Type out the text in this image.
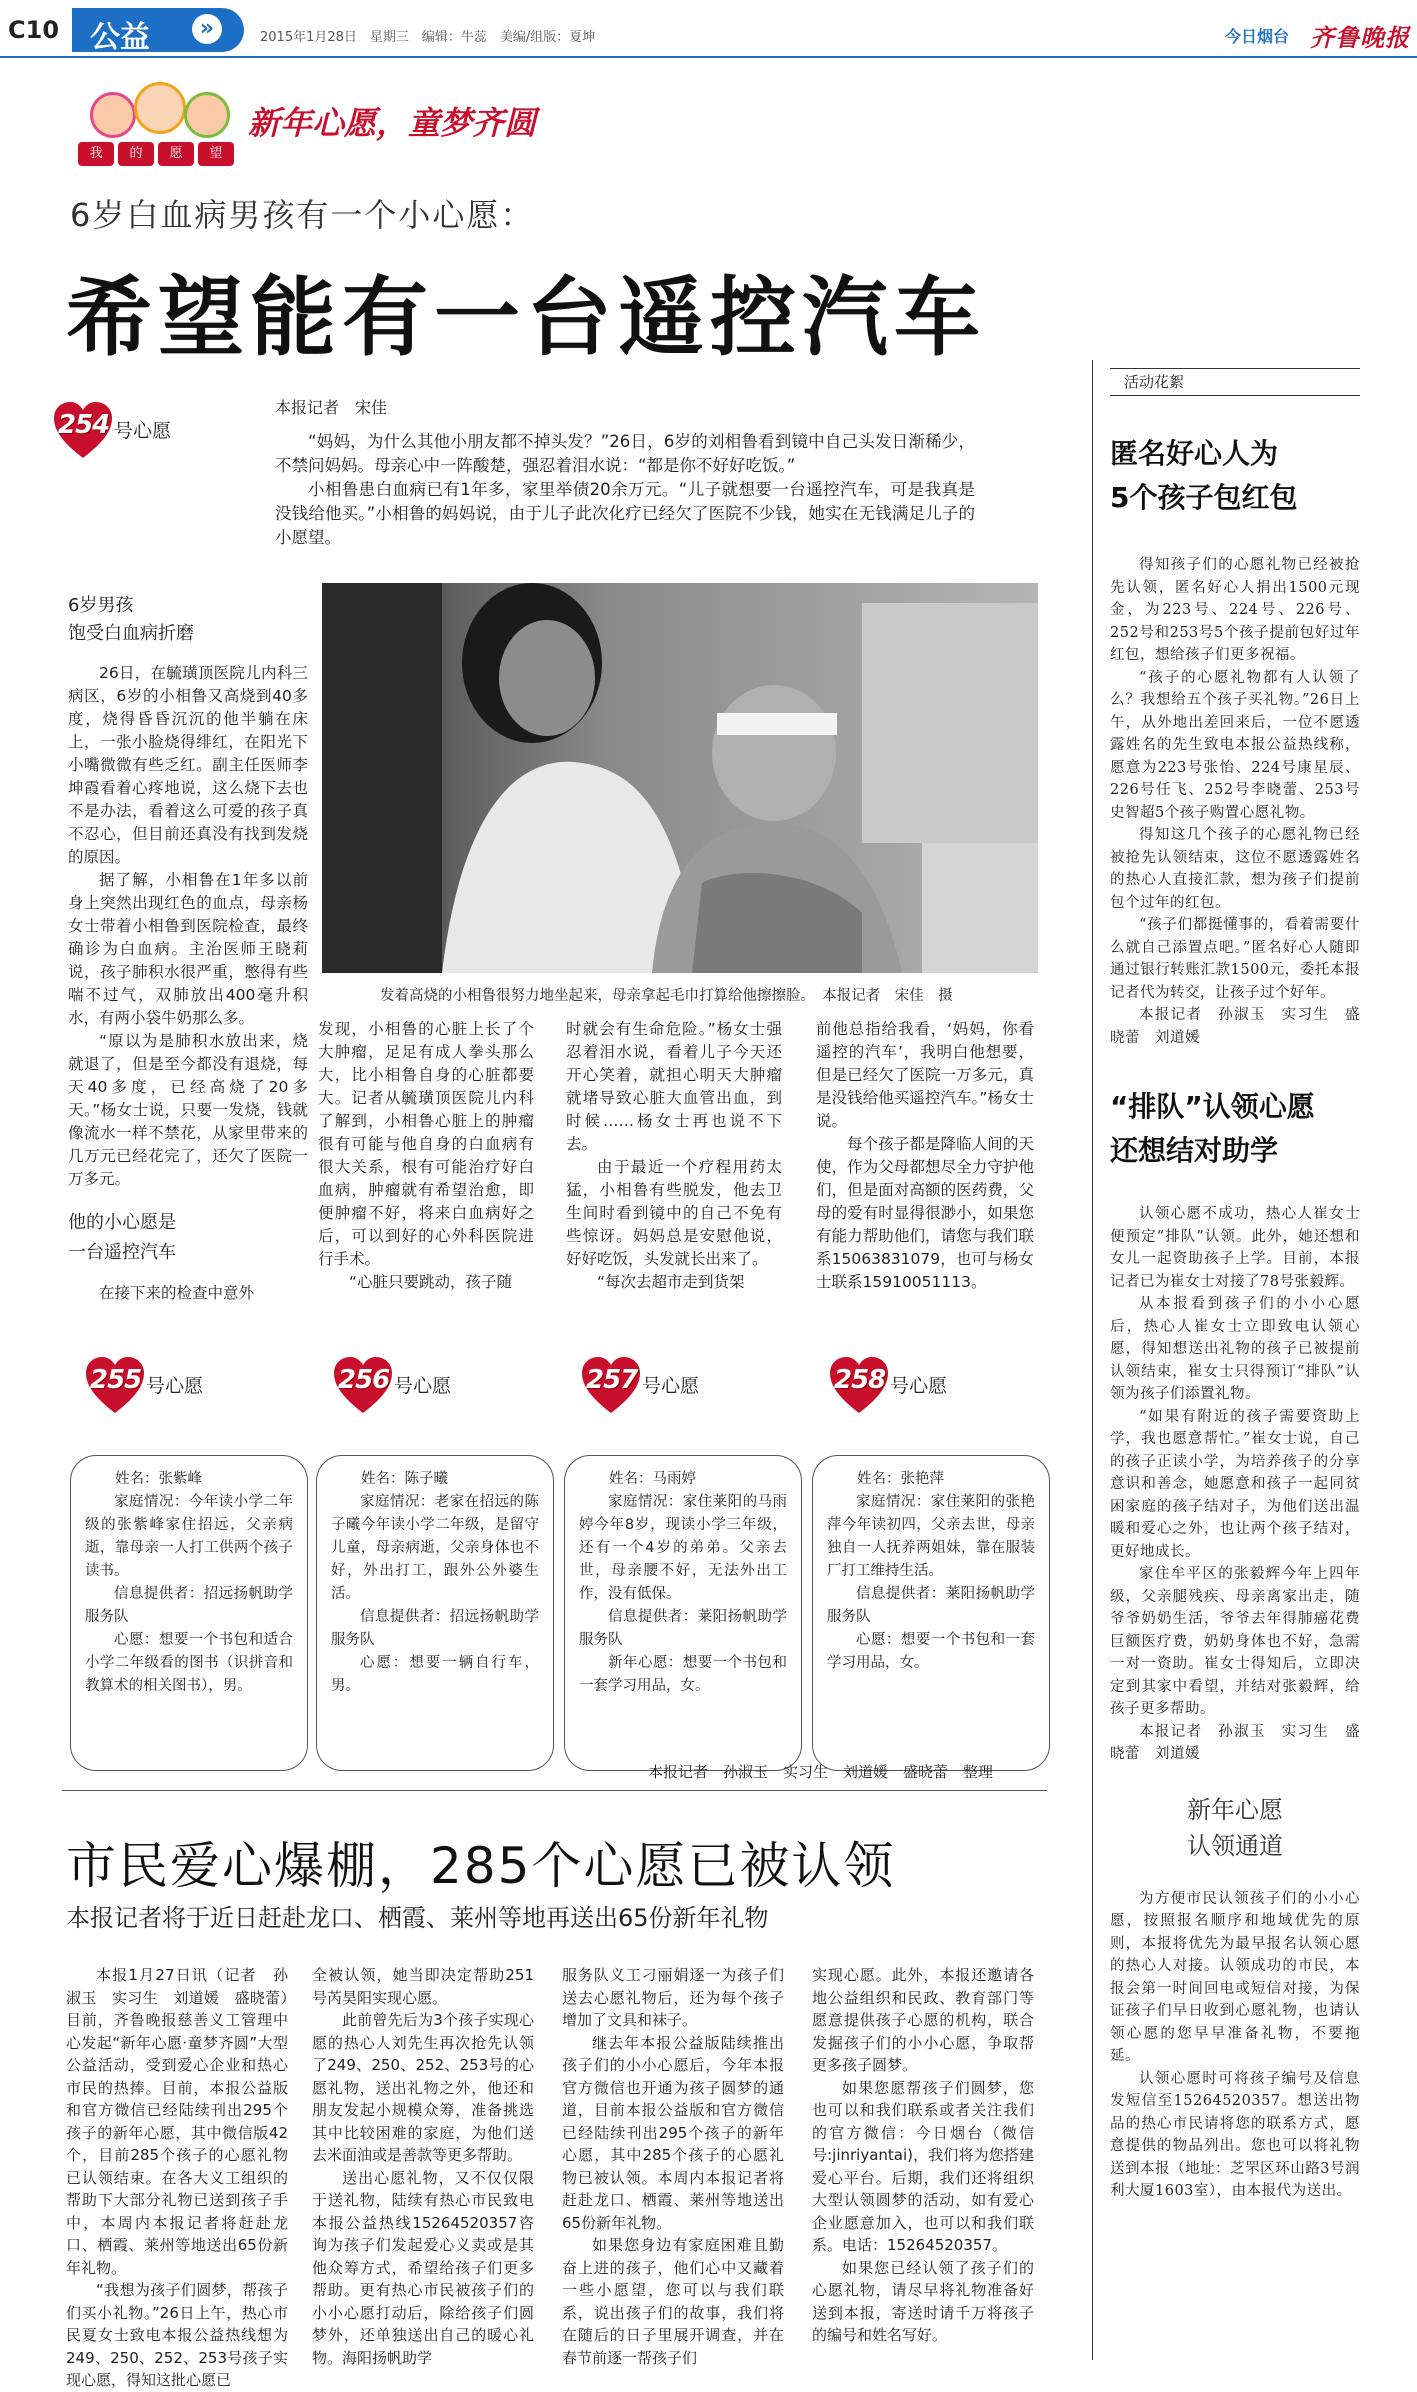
C10 公益	»	2015年1月28日　星期三　编辑：牛蕊　美编/组版：夏坤	今日烟台 齐鲁晚报
我	的	愿	望
新年心愿，童梦齐圆
6岁白血病男孩有一个小心愿：
希望能有一台遥控汽车
本报记者　宋佳
254 号心愿	“妈妈，为什么其他小朋友都不掉头发？”26日，6岁的刘相鲁看到镜中自己头发日渐稀少，不禁问妈妈。母亲心中一阵酸楚，强忍着泪水说：“都是你不好好吃饭。”

小相鲁患白血病已有1年多，家里举债20余万元。“儿子就想要一台遥控汽车，可是我真是没钱给他买。”小相鲁的妈妈说，由于儿子此次化疗已经欠了医院不少钱，她实在无钱满足儿子的小愿望。

6岁男孩
饱受白血病折磨

26日，在毓璜顶医院儿内科三病区，6岁的小相鲁又高烧到40多度，烧得昏昏沉沉的他半躺在床上，一张小脸烧得绯红，在阳光下小嘴微微有些乏红。副主任医师李坤霞看着心疼地说，这么烧下去也不是办法，看着这么可爱的孩子真不忍心，但目前还真没有找到发烧的原因。

据了解，小相鲁在1年多以前身上突然出现红色的血点，母亲杨女士带着小相鲁到医院检查，最终确诊为白血病。主治医师王晓莉说，孩子肺积水很严重，憋得有些喘不过气，双肺放出400毫升积水，有两小袋牛奶那么多。

“原以为是肺积水放出来，烧就退了，但是至今都没有退烧，每天40多度，已经高烧了20多天。”杨女士说，只要一发烧，钱就像流水一样不禁花，从家里带来的几万元已经花完了，还欠了医院一万多元。

他的小心愿是
一台遥控汽车

在接下来的检查中意外

发着高烧的小相鲁很努力地坐起来，母亲拿起毛巾打算给他擦擦脸。　本报记者　宋佳　摄

发现，小相鲁的心脏上长了个大肿瘤，足足有成人拳头那么大，比小相鲁自身的心脏都要大。记者从毓璜顶医院儿内科了解到，小相鲁心脏上的肿瘤很有可能与他自身的白血病有很大关系，根有可能治疗好白血病，肿瘤就有希望治愈，即便肿瘤不好，将来白血病好之后，可以到好的心外科医院进行手术。

“心脏只要跳动，孩子随

时就会有生命危险。”杨女士强忍着泪水说，看着儿子今天还开心笑着，就担心明天大肿瘤就堵导致心脏大血管出血，到时候……杨女士再也说不下去。

由于最近一个疗程用药太猛，小相鲁有些脱发，他去卫生间时看到镜中的自己不免有些惊讶。妈妈总是安慰他说，好好吃饭，头发就长出来了。

“每次去超市走到货架

前他总指给我看，‘妈妈，你看遥控的汽车’，我明白他想要，但是已经欠了医院一万多元，真是没钱给他买遥控汽车。”杨女士说。

每个孩子都是降临人间的天使，作为父母都想尽全力守护他们，但是面对高额的医药费，父母的爱有时显得很渺小，如果您有能力帮助他们，请您与我们联系15063831079，也可与杨女士联系15910051113。

255 号心愿
姓名：张紫峰
家庭情况：今年读小学二年级的张紫峰家住招远，父亲病逝，靠母亲一人打工供两个孩子读书。
信息提供者：招远扬帆助学服务队
心愿：想要一个书包和适合小学二年级看的图书（识拼音和教算术的相关图书），男。
256 号心愿
姓名：陈子曦
家庭情况：老家在招远的陈子曦今年读小学二年级，是留守儿童，母亲病逝，父亲身体也不好，外出打工，跟外公外婆生活。
信息提供者：招远扬帆助学服务队
心愿：想要一辆自行车，男。
257 号心愿
姓名：马雨婷
家庭情况：家住莱阳的马雨婷今年8岁，现读小学三年级，还有一个4岁的弟弟。父亲去世，母亲腰不好，无法外出工作，没有低保。
信息提供者：莱阳扬帆助学服务队
新年心愿：想要一个书包和一套学习用品，女。
258 号心愿
姓名：张艳萍
家庭情况：家住莱阳的张艳萍今年读初四，父亲去世，母亲独自一人抚养两姐妹，靠在服装厂打工维持生活。
信息提供者：莱阳扬帆助学服务队
心愿：想要一个书包和一套学习用品，女。
本报记者　孙淑玉　实习生　刘道媛　盛晓蕾　整理
市民爱心爆棚，285个心愿已被认领
本报记者将于近日赶赴龙口、栖霞、莱州等地再送出65份新年礼物

本报1月27日讯（记者　孙淑玉　实习生　刘道媛　盛晓蕾）　目前，齐鲁晚报慈善义工管理中心发起“新年心愿·童梦齐圆”大型公益活动，受到爱心企业和热心市民的热捧。目前，本报公益版和官方微信已经陆续刊出295个孩子的新年心愿，其中微信版42个，目前285个孩子的心愿礼物已认领结束。在各大义工组织的帮助下大部分礼物已送到孩子手中，本周内本报记者将赶赴龙口、栖霞、莱州等地送出65份新年礼物。

“我想为孩子们圆梦，帮孩子们买小礼物。”26日上午，热心市民夏女士致电本报公益热线想为249、250、252、253号孩子实现心愿，得知这批心愿已

全被认领，她当即决定帮助251号芮昊阳实现心愿。

此前曾先后为3个孩子实现心愿的热心人刘先生再次抢先认领了249、250、252、253号的心愿礼物，送出礼物之外，他还和朋友发起小规模众筹，准备挑选其中比较困难的家庭，为他们送去米面油或是善款等更多帮助。

送出心愿礼物，又不仅仅限于送礼物，陆续有热心市民致电本报公益热线15264520357咨询为孩子们发起爱心义卖或是其他众筹方式，希望给孩子们更多帮助。更有热心市民被孩子们的小小心愿打动后，除给孩子们圆梦外，还单独送出自己的暖心礼物。海阳扬帆助学

服务队义工刁丽娟逐一为孩子们送去心愿礼物后，还为每个孩子增加了文具和袜子。

继去年本报公益版陆续推出孩子们的小小心愿后，今年本报官方微信也开通为孩子圆梦的通道，目前本报公益版和官方微信已经陆续刊出295个孩子的新年心愿，其中285个孩子的心愿礼物已被认领。本周内本报记者将赶赴龙口、栖霞、莱州等地送出65份新年礼物。

如果您身边有家庭困难且勤奋上进的孩子，他们心中又藏着一些小愿望，您可以与我们联系，说出孩子们的故事，我们将在随后的日子里展开调查，并在春节前逐一帮孩子们

实现心愿。此外，本报还邀请各地公益组织和民政、教育部门等愿意提供孩子心愿的机构，联合发掘孩子们的小小心愿，争取帮更多孩子圆梦。

如果您愿帮孩子们圆梦，您也可以和我们联系或者关注我们的官方微信：今日烟台（微信号:jinriyantai)，我们将为您搭建爱心平台。后期，我们还将组织大型认领圆梦的活动，如有爱心企业愿意加入，也可以和我们联系。电话：15264520357。

如果您已经认领了孩子们的心愿礼物，请尽早将礼物准备好送到本报，寄送时请千万将孩子的编号和姓名写好。

活动花絮
匿名好心人为
5个孩子包红包

得知孩子们的心愿礼物已经被抢先认领，匿名好心人捐出1500元现金，为223号、224号、226号、252号和253号5个孩子提前包好过年红包，想给孩子们更多祝福。

“孩子的心愿礼物都有人认领了么？我想给五个孩子买礼物。”26日上午，从外地出差回来后，一位不愿透露姓名的先生致电本报公益热线称，愿意为223号张怡、224号康星辰、226号任飞、252号李晓蕾、253号史智超5个孩子购置心愿礼物。

得知这几个孩子的心愿礼物已经被抢先认领结束，这位不愿透露姓名的热心人直接汇款，想为孩子们提前包个过年的红包。

“孩子们都挺懂事的，看着需要什么就自己添置点吧。”匿名好心人随即通过银行转账汇款1500元，委托本报记者代为转交，让孩子过个好年。

本报记者　孙淑玉　实习生　盛晓蕾　刘道媛

“排队”认领心愿
还想结对助学

认领心愿不成功，热心人崔女士便预定“排队”认领。此外，她还想和女儿一起资助孩子上学。目前，本报记者已为崔女士对接了78号张毅辉。

从本报看到孩子们的小小心愿后，热心人崔女士立即致电认领心愿，得知想送出礼物的孩子已被提前认领结束，崔女士只得预订“排队”认领为孩子们添置礼物。

“如果有附近的孩子需要资助上学，我也愿意帮忙。”崔女士说，自己的孩子正读小学，为培养孩子的分享意识和善念，她愿意和孩子一起同贫困家庭的孩子结对子，为他们送出温暖和爱心之外，也让两个孩子结对，更好地成长。

家住牟平区的张毅辉今年上四年级，父亲腿残疾、母亲离家出走，随爷爷奶奶生活，爷爷去年得肺癌花费巨额医疗费，奶奶身体也不好，急需一对一资助。崔女士得知后，立即决定到其家中看望，并结对张毅辉，给孩子更多帮助。

本报记者　孙淑玉　实习生　盛晓蕾　刘道媛

新年心愿
认领通道

为方便市民认领孩子们的小小心愿，按照报名顺序和地域优先的原则，本报将优先为最早报名认领心愿的热心人对接。认领成功的市民，本报会第一时间回电或短信对接，为保证孩子们早日收到心愿礼物，也请认领心愿的您早早准备礼物，不要拖延。

认领心愿时可将孩子编号及信息发短信至15264520357。想送出物品的热心市民请将您的联系方式，愿意提供的物品列出。您也可以将礼物送到本报（地址：芝罘区环山路3号润利大厦1603室），由本报代为送出。
